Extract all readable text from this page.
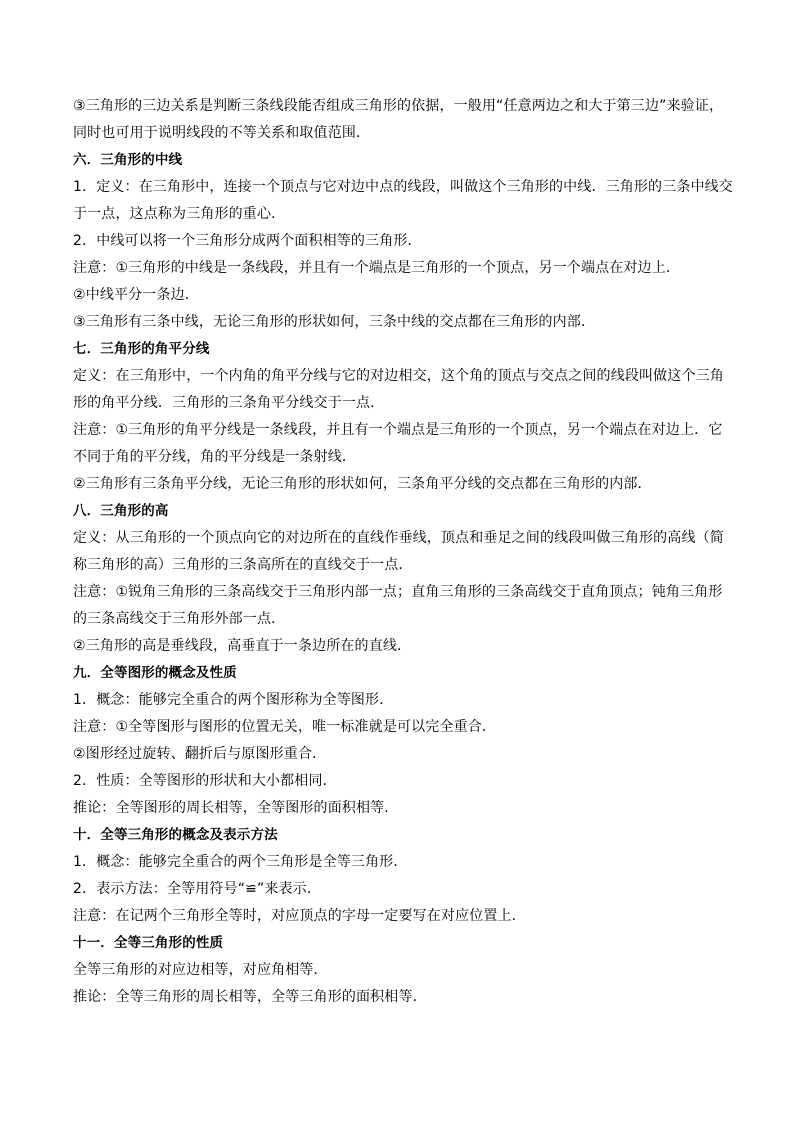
③三角形的三边关系是判断三条线段能否组成三角形的依据，一般用“任意两边之和大于第三边”来验证，
同时也可用于说明线段的不等关系和取值范围．
六．三角形的中线
1．定义：在三角形中，连接一个顶点与它对边中点的线段，叫做这个三角形的中线．三角形的三条中线交
于一点，这点称为三角形的重心．
2．中线可以将一个三角形分成两个面积相等的三角形．
注意：①三角形的中线是一条线段，并且有一个端点是三角形的一个顶点，另一个端点在对边上．
②中线平分一条边．
③三角形有三条中线，无论三角形的形状如何，三条中线的交点都在三角形的内部．
七．三角形的角平分线
定义：在三角形中，一个内角的角平分线与它的对边相交，这个角的顶点与交点之间的线段叫做这个三角
形的角平分线．三角形的三条角平分线交于一点．
注意：①三角形的角平分线是一条线段，并且有一个端点是三角形的一个顶点，另一个端点在对边上．它
不同于角的平分线，角的平分线是一条射线．
②三角形有三条角平分线，无论三角形的形状如何，三条角平分线的交点都在三角形的内部．
八．三角形的高
定义：从三角形的一个顶点向它的对边所在的直线作垂线，顶点和垂足之间的线段叫做三角形的高线（简
称三角形的高）三角形的三条高所在的直线交于一点．
注意：①锐角三角形的三条高线交于三角形内部一点；直角三角形的三条高线交于直角顶点；钝角三角形
的三条高线交于三角形外部一点．
②三角形的高是垂线段，高垂直于一条边所在的直线．
九．全等图形的概念及性质
1．概念：能够完全重合的两个图形称为全等图形．
注意：①全等图形与图形的位置无关，唯一标准就是可以完全重合．
②图形经过旋转、翻折后与原图形重合．
2．性质：全等图形的形状和大小都相同．
推论：全等图形的周长相等，全等图形的面积相等．
十．全等三角形的概念及表示方法
1．概念：能够完全重合的两个三角形是全等三角形．
2．表示方法：全等用符号“≌”来表示．
注意：在记两个三角形全等时，对应顶点的字母一定要写在对应位置上．
十一．全等三角形的性质
全等三角形的对应边相等，对应角相等．
推论：全等三角形的周长相等，全等三角形的面积相等．
